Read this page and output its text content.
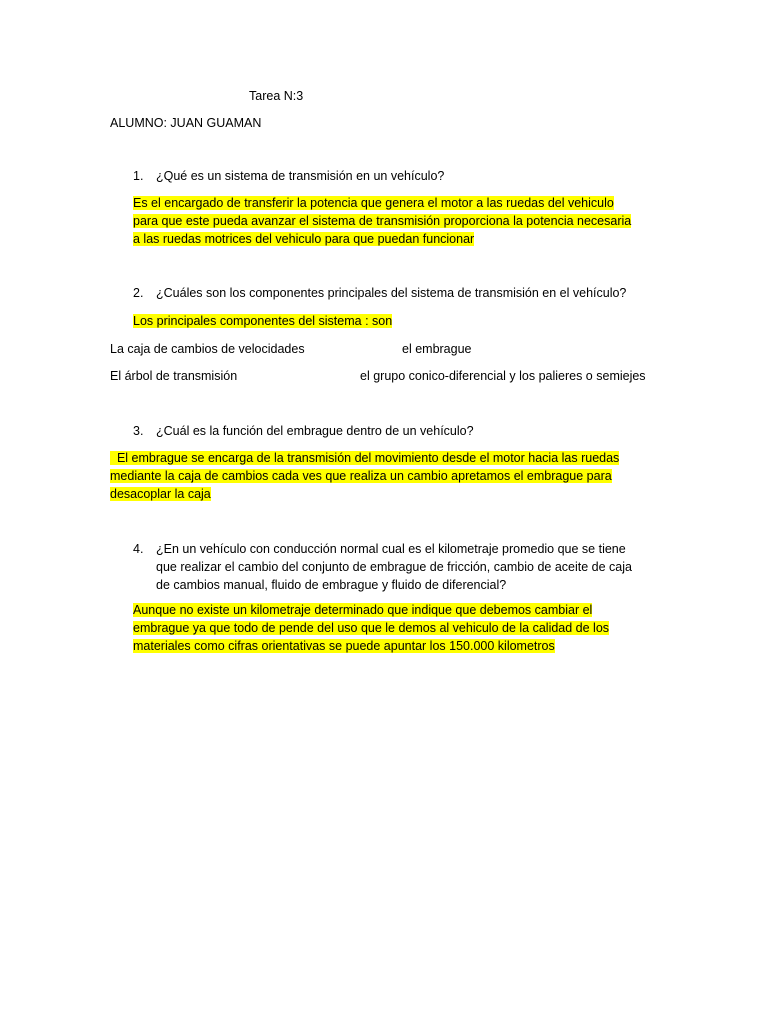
Tarea N:3
ALUMNO: JUAN GUAMAN
1. ¿Qué es un sistema de transmisión en un vehículo?
Es el encargado de transferir la potencia que genera el motor a las ruedas del vehiculo
para que este pueda avanzar el sistema de transmisión proporciona la potencia necesaria
a las ruedas motrices del vehiculo para que puedan funcionar
2. ¿Cuáles son los componentes principales del sistema de transmisión en el vehículo?
Los principales componentes del sistema : son
La caja de cambios de velocidades	el embrague
El árbol de transmisión	el grupo conico-diferencial y los palieres o semiejes
3. ¿Cuál es la función del embrague dentro de un vehículo?
El embrague se encarga de la transmisión del movimiento desde el motor hacia las ruedas
mediante la caja de cambios cada ves que realiza un cambio apretamos el embrague para
desacoplar la caja
4. ¿En un vehículo con conducción normal cual es el kilometraje promedio que se tiene
que realizar el cambio del conjunto de embrague de fricción, cambio de aceite de caja
de cambios manual, fluido de embrague y fluido de diferencial?
Aunque no existe un kilometraje determinado que indique que debemos cambiar el
embrague ya que todo de pende del uso que le demos al vehiculo de la calidad de los
materiales como cifras orientativas se puede apuntar los 150.000 kilometros
